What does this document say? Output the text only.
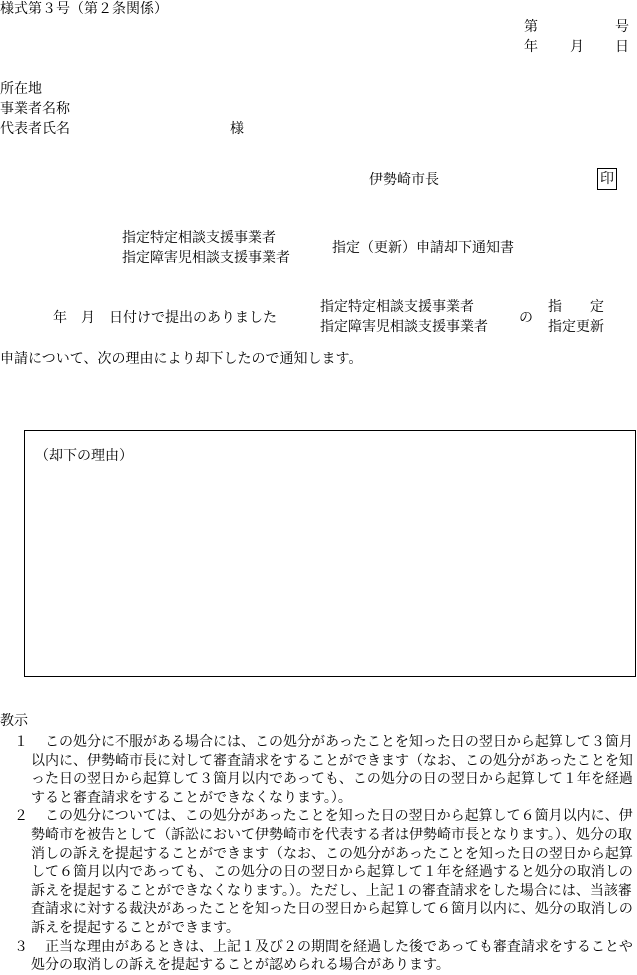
様式第３号（第２条関係）
第	号
年 月 日
所在地
事業者名称
代表者氏名	様
伊勢崎市長	印
指定特定相談支援事業者
指定障害児相談支援事業者
指定（更新）申請却下通知書
年　月　日付けで提出のありました
指定特定相談支援事業者
指定障害児相談支援事業者
の
指　　定
指定更新
申請について、次の理由により却下したので通知します。
（却下の理由）
教示
１	この処分に不服がある場合には、この処分があったことを知った日の翌日から起算して３箇月以内に、伊勢崎市長に対して審査請求をすることができます（なお、この処分があったことを知った日の翌日から起算して３箇月以内であっても、この処分の日の翌日から起算して１年を経過すると審査請求をすることができなくなります。）。
２	この処分については、この処分があったことを知った日の翌日から起算して６箇月以内に、伊勢崎市を被告として（訴訟において伊勢崎市を代表する者は伊勢崎市長となります。）、処分の取消しの訴えを提起することができます（なお、この処分があったことを知った日の翌日から起算して６箇月以内であっても、この処分の日の翌日から起算して１年を経過すると処分の取消しの訴えを提起することができなくなります。）。ただし、上記１の審査請求をした場合には、当該審査請求に対する裁決があったことを知った日の翌日から起算して６箇月以内に、処分の取消しの訴えを提起することができます。
３	正当な理由があるときは、上記１及び２の期間を経過した後であっても審査請求をすることや処分の取消しの訴えを提起することが認められる場合があります。
